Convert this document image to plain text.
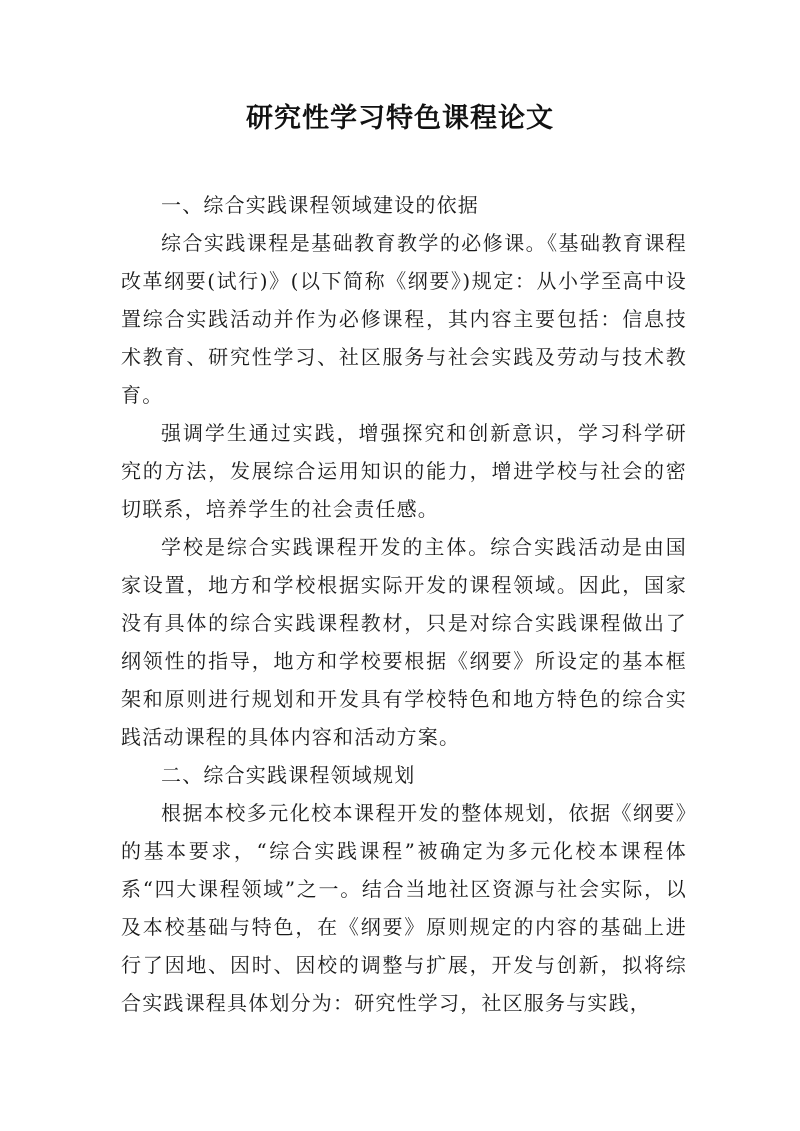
研究性学习特色课程论文

一、综合实践课程领域建设的依据

综合实践课程是基础教育教学的必修课。《基础教育课程改革纲要(试行)》(以下简称《纲要》)规定：从小学至高中设置综合实践活动并作为必修课程，其内容主要包括：信息技术教育、研究性学习、社区服务与社会实践及劳动与技术教育。

强调学生通过实践，增强探究和创新意识，学习科学研究的方法，发展综合运用知识的能力，增进学校与社会的密切联系，培养学生的社会责任感。

学校是综合实践课程开发的主体。综合实践活动是由国家设置，地方和学校根据实际开发的课程领域。因此，国家没有具体的综合实践课程教材，只是对综合实践课程做出了纲领性的指导，地方和学校要根据《纲要》所设定的基本框架和原则进行规划和开发具有学校特色和地方特色的综合实践活动课程的具体内容和活动方案。

二、综合实践课程领域规划

根据本校多元化校本课程开发的整体规划，依据《纲要》的基本要求，“综合实践课程”被确定为多元化校本课程体系“四大课程领域”之一。结合当地社区资源与社会实际，以及本校基础与特色，在《纲要》原则规定的内容的基础上进行了因地、因时、因校的调整与扩展，开发与创新，拟将综合实践课程具体划分为：研究性学习，社区服务与实践，
